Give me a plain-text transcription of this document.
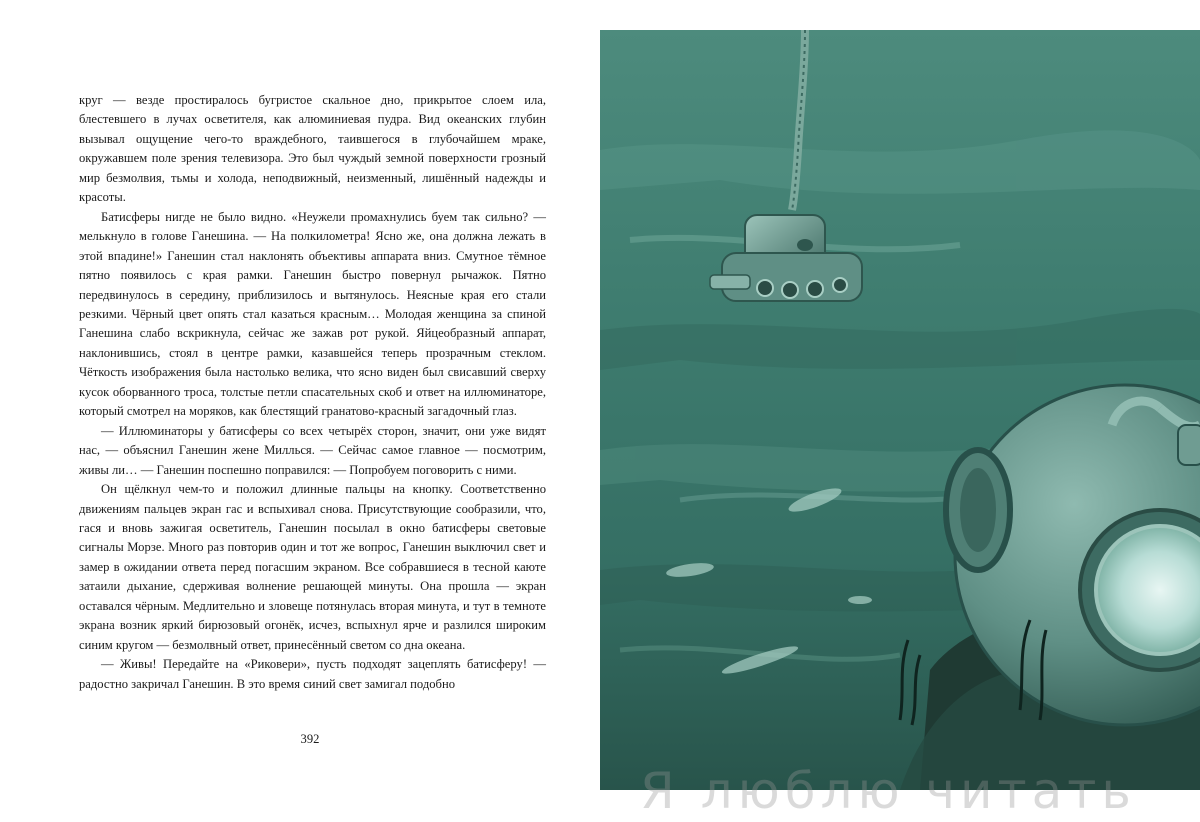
круг — везде простиралось бугристое скальное дно, прикрытое слоем ила, блестевшего в лучах осветителя, как алюминиевая пудра. Вид океанских глубин вызывал ощущение чего-то враждебного, таившегося в глубочайшем мраке, окружавшем поле зрения телевизора. Это был чуждый земной поверхности грозный мир безмолвия, тьмы и холода, неподвижный, неизменный, лишённый надежды и красоты.

Батисферы нигде не было видно. «Неужели промахнулись буем так сильно? — мелькнуло в голове Ганешина. — На полкилометра! Ясно же, она должна лежать в этой впадине!» Ганешин стал наклонять объективы аппарата вниз. Смутное тёмное пятно появилось с края рамки. Ганешин быстро повернул рычажок. Пятно передвинулось в середину, приблизилось и вытянулось. Неясные края его стали резкими. Чёрный цвет опять стал казаться красным… Молодая женщина за спиной Ганешина слабо вскрикнула, сейчас же зажав рот рукой. Яйцеобразный аппарат, наклонившись, стоял в центре рамки, казавшейся теперь прозрачным стеклом. Чёткость изображения была настолько велика, что ясно виден был свисавший сверху кусок оборванного троса, толстые петли спасательных скоб и ответ на иллюминаторе, который смотрел на моряков, как блестящий гранатово-красный загадочный глаз.

— Иллюминаторы у батисферы со всех четырёх сторон, значит, они уже видят нас, — объяснил Ганешин жене Миллься. — Сейчас самое главное — посмотрим, живы ли… — Ганешин поспешно поправился: — Попробуем поговорить с ними.

Он щёлкнул чем-то и положил длинные пальцы на кнопку. Соответственно движениям пальцев экран гас и вспыхивал снова. Присутствующие сообразили, что, гася и вновь зажигая осветитель, Ганешин посылал в окно батисферы световые сигналы Морзе. Много раз повторив один и тот же вопрос, Ганешин выключил свет и замер в ожидании ответа перед погасшим экраном. Все собравшиеся в тесной каюте затаили дыхание, сдерживая волнение решающей минуты. Она прошла — экран оставался чёрным. Медлительно и зловеще потянулась вторая минута, и тут в темноте экрана возник яркий бирюзовый огонёк, исчез, вспыхнул ярче и разлился широким синим кругом — безмолвный ответ, принесённый светом со дна океана.

— Живы! Передайте на «Риковери», пусть подходят зацеплять батисферу! — радостно закричал Ганешин. В это время синий свет замигал подобно

392
Я люблю читать
